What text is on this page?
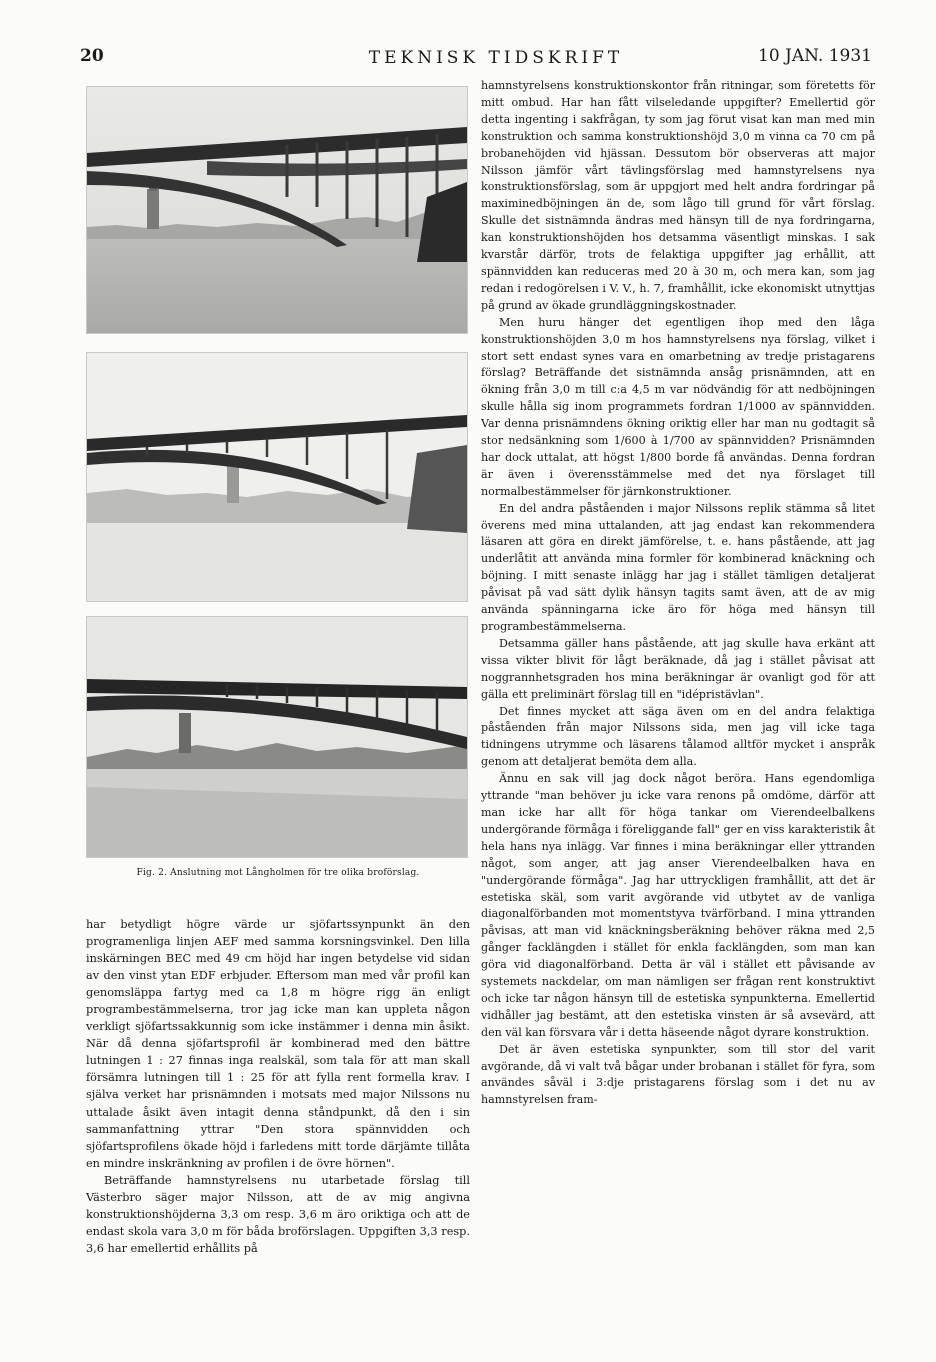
20	TEKNISK TIDSKRIFT	10 JAN. 1931
Fig. 2. Anslutning mot Långholmen för tre olika broförslag.

har betydligt högre värde ur sjöfartssynpunkt än den programenliga linjen AEF med samma korsningsvinkel. Den lilla inskärningen BEC med 49 cm höjd har ingen betydelse vid sidan av den vinst ytan EDF erbjuder. Eftersom man med vår profil kan genomsläppa fartyg med ca 1,8 m högre rigg än enligt programbestämmelserna, tror jag icke man kan uppleta någon verkligt sjöfartssakkunnig som icke instämmer i denna min åsikt. När då denna sjöfartsprofil är kombinerad med den bättre lutningen 1 : 27 finnas inga realskäl, som tala för att man skall försämra lutningen till 1 : 25 för att fylla rent formella krav. I själva verket har prisnämnden i motsats med major Nilssons nu uttalade åsikt även intagit denna ståndpunkt, då den i sin sammanfattning yttrar "Den stora spännvidden och sjöfartsprofilens ökade höjd i farledens mitt torde därjämte tillåta en mindre inskränkning av profilen i de övre hörnen".

Beträffande hamnstyrelsens nu utarbetade förslag till Västerbro säger major Nilsson, att de av mig angivna konstruktionshöjderna 3,3 om resp. 3,6 m äro oriktiga och att de endast skola vara 3,0 m för båda broförslagen. Uppgiften 3,3 resp. 3,6 har emellertid erhållits på

hamnstyrelsens konstruktionskontor från ritningar, som företetts för mitt ombud. Har han fått vilseledande uppgifter? Emellertid gör detta ingenting i sakfrågan, ty som jag förut visat kan man med min konstruktion och samma konstruktionshöjd 3,0 m vinna ca 70 cm på brobanehöjden vid hjässan. Dessutom bör observeras att major Nilsson jämför vårt tävlingsförslag med hamnstyrelsens nya konstruktionsförslag, som är uppgjort med helt andra fordringar på maximinedböjningen än de, som lågo till grund för vårt förslag. Skulle det sistnämnda ändras med hänsyn till de nya fordringarna, kan konstruktionshöjden hos detsamma väsentligt minskas. I sak kvarstår därför, trots de felaktiga uppgifter jag erhållit, att spännvidden kan reduceras med 20 à 30 m, och mera kan, som jag redan i redogörelsen i V. V., h. 7, framhållit, icke ekonomiskt utnyttjas på grund av ökade grundläggningskostnader.

Men huru hänger det egentligen ihop med den låga konstruktionshöjden 3,0 m hos hamnstyrelsens nya förslag, vilket i stort sett endast synes vara en omarbetning av tredje pristagarens förslag? Beträffande det sistnämnda ansåg prisnämnden, att en ökning från 3,0 m till c:a 4,5 m var nödvändig för att nedböjningen skulle hålla sig inom programmets fordran 1/1000 av spännvidden. Var denna prisnämndens ökning oriktig eller har man nu godtagit så stor nedsänkning som 1/600 à 1/700 av spännvidden? Prisnämnden har dock uttalat, att högst 1/800 borde få användas. Denna fordran är även i överensstämmelse med det nya förslaget till normalbestämmelser för järnkonstruktioner.

En del andra påståenden i major Nilssons replik stämma så litet överens med mina uttalanden, att jag endast kan rekommendera läsaren att göra en direkt jämförelse, t. e. hans påstående, att jag underlåtit att använda mina formler för kombinerad knäckning och böjning. I mitt senaste inlägg har jag i stället tämligen detaljerat påvisat på vad sätt dylik hänsyn tagits samt även, att de av mig använda spänningarna icke äro för höga med hänsyn till programbestämmelserna.

Detsamma gäller hans påstående, att jag skulle hava erkänt att vissa vikter blivit för lågt beräknade, då jag i stället påvisat att noggrannhetsgraden hos mina beräkningar är ovanligt god för att gälla ett preliminärt förslag till en "idépristävlan".

Det finnes mycket att säga även om en del andra felaktiga påståenden från major Nilssons sida, men jag vill icke taga tidningens utrymme och läsarens tålamod alltför mycket i anspråk genom att detaljerat bemöta dem alla.

Ännu en sak vill jag dock något beröra. Hans egendomliga yttrande "man behöver ju icke vara renons på omdöme, därför att man icke har allt för höga tankar om Vierendeelbalkens undergörande förmåga i föreliggande fall" ger en viss karakteristik åt hela hans nya inlägg. Var finnes i mina beräkningar eller yttranden något, som anger, att jag anser Vierendeelbalken hava en "undergörande förmåga". Jag har uttryckligen framhållit, att det är estetiska skäl, som varit avgörande vid utbytet av de vanliga diagonalförbanden mot momentstyva tvärförband. I mina yttranden påvisas, att man vid knäckningsberäkning behöver räkna med 2,5 gånger facklängden i stället för enkla facklängden, som man kan göra vid diagonalförband. Detta är väl i stället ett påvisande av systemets nackdelar, om man nämligen ser frågan rent konstruktivt och icke tar någon hänsyn till de estetiska synpunkterna. Emellertid vidhåller jag bestämt, att den estetiska vinsten är så avsevärd, att den väl kan försvara vår i detta häseende något dyrare konstruktion.

Det är även estetiska synpunkter, som till stor del varit avgörande, då vi valt två bågar under brobanan i stället för fyra, som användes såväl i 3:dje pristagarens förslag som i det nu av hamnstyrelsen fram-
